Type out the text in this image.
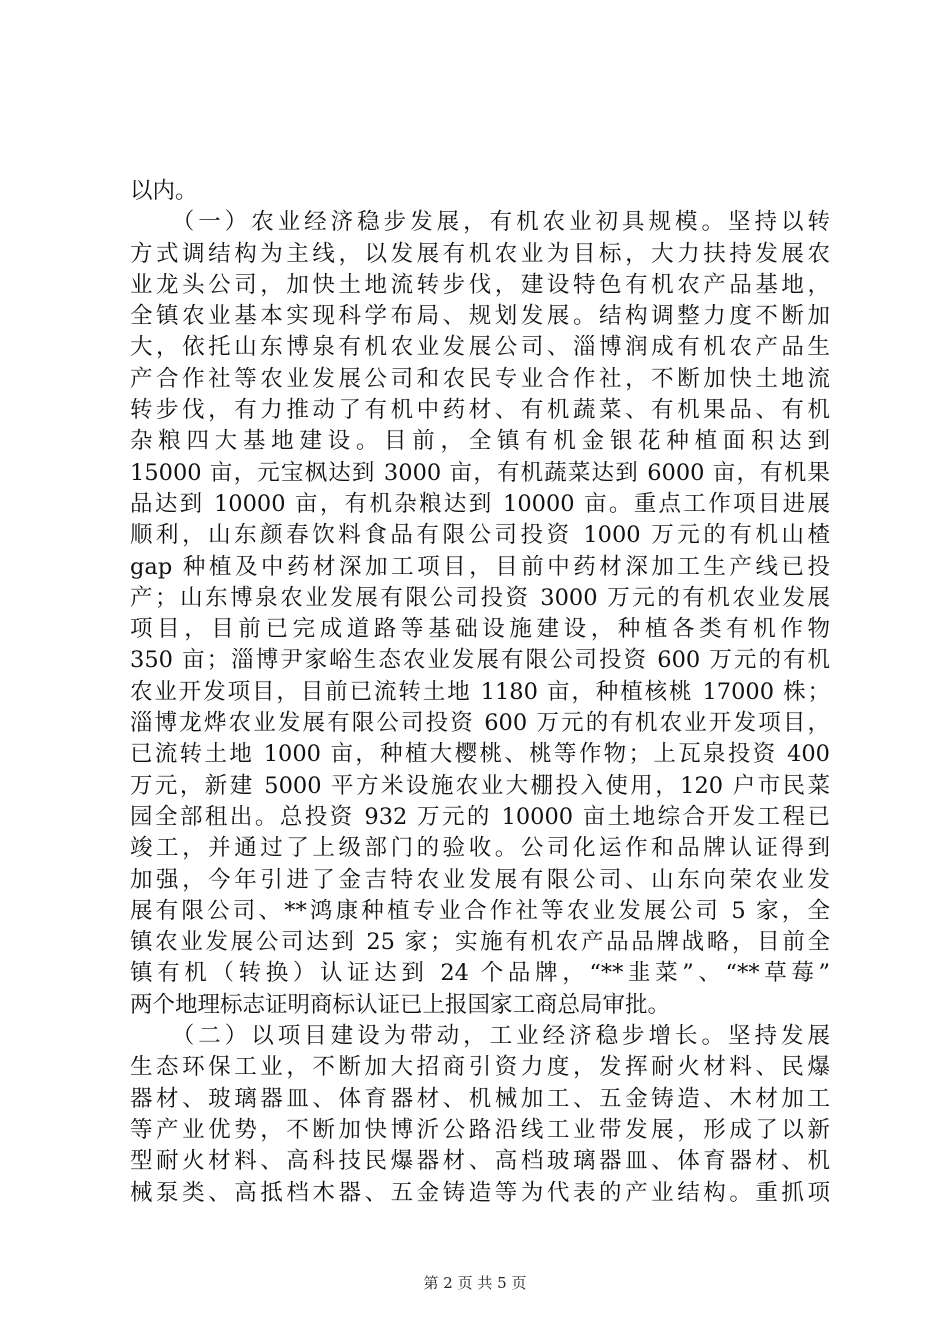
以内。
　　（一）农业经济稳步发展，有机农业初具规模。坚持以转
方式调结构为主线，以发展有机农业为目标，大力扶持发展农
业龙头公司，加快土地流转步伐，建设特色有机农产品基地，
全镇农业基本实现科学布局、规划发展。结构调整力度不断加
大，依托山东博泉有机农业发展公司、淄博润成有机农产品生
产合作社等农业发展公司和农民专业合作社，不断加快土地流
转步伐，有力推动了有机中药材、有机蔬菜、有机果品、有机
杂粮四大基地建设。目前，全镇有机金银花种植面积达到
15000 亩，元宝枫达到 3000 亩，有机蔬菜达到 6000 亩，有机果
品达到 10000 亩，有机杂粮达到 10000 亩。重点工作项目进展
顺利，山东颜春饮料食品有限公司投资 1000 万元的有机山楂
gap 种植及中药材深加工项目，目前中药材深加工生产线已投
产；山东博泉农业发展有限公司投资 3000 万元的有机农业发展
项目，目前已完成道路等基础设施建设，种植各类有机作物
350 亩；淄博尹家峪生态农业发展有限公司投资 600 万元的有机
农业开发项目，目前已流转土地 1180 亩，种植核桃 17000 株；
淄博龙烨农业发展有限公司投资 600 万元的有机农业开发项目，
已流转土地 1000 亩，种植大樱桃、桃等作物；上瓦泉投资 400
万元，新建 5000 平方米设施农业大棚投入使用，120 户市民菜
园全部租出。总投资 932 万元的 10000 亩土地综合开发工程已
竣工，并通过了上级部门的验收。公司化运作和品牌认证得到
加强，今年引进了金吉特农业发展有限公司、山东向荣农业发
展有限公司、**鸿康种植专业合作社等农业发展公司 5 家，全
镇农业发展公司达到 25 家；实施有机农产品品牌战略，目前全
镇有机（转换）认证达到 24 个品牌，“**韭菜”、“**草莓”
两个地理标志证明商标认证已上报国家工商总局审批。
　　（二）以项目建设为带动，工业经济稳步增长。坚持发展
生态环保工业，不断加大招商引资力度，发挥耐火材料、民爆
器材、玻璃器皿、体育器材、机械加工、五金铸造、木材加工
等产业优势，不断加快博沂公路沿线工业带发展，形成了以新
型耐火材料、高科技民爆器材、高档玻璃器皿、体育器材、机
械泵类、高抵档木器、五金铸造等为代表的产业结构。重抓项
第 2 页 共 5 页
